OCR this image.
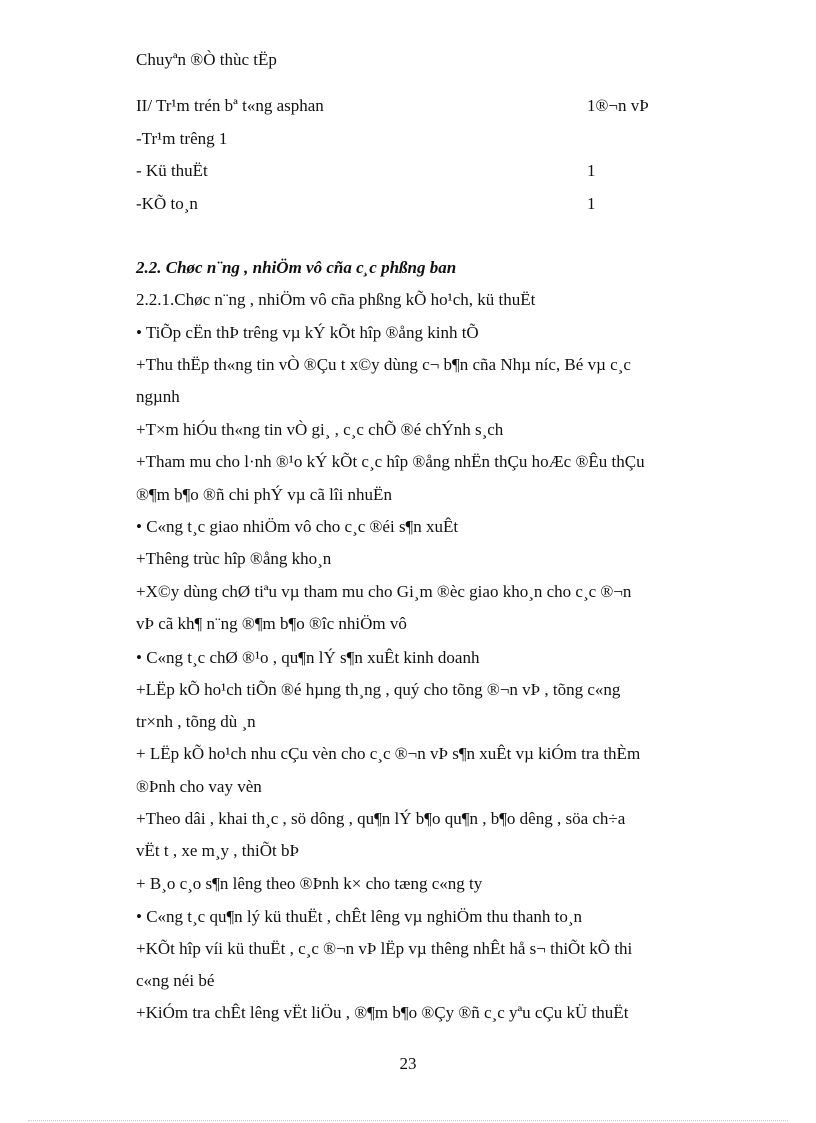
Chuyªn ®Ò thùc tËp
II/ Tr¹m trén bª t«ng asphan	1®¬n vÞ
-Tr¹m trêng 1
- Kü thuËt	1
-KÕ to¸n	1
2.2. Chøc n¨ng , nhiÖm vô cña c¸c phßng ban
2.2.1.Chøc n¨ng , nhiÖm vô cña phßng kÕ ho¹ch, kü thuËt
• TiÕp cËn thÞ trêng vµ kÝ kÕt hîp ®ång kinh tÕ
+Thu thËp th«ng tin vÒ ®Çu t x©y dùng c¬ b¶n cña Nhµ níc, Bé vµ c¸c
ngµnh
+T×m hiÓu th«ng tin vÒ gi¸ , c¸c chÕ ®é chÝnh s¸ch
+Tham mu cho l·nh ®¹o kÝ kÕt c¸c hîp ®ång nhËn thÇu hoÆc ®Êu thÇu
®¶m b¶o ®ñ chi phÝ vµ cã lîi nhuËn
• C«ng t¸c giao nhiÖm vô cho c¸c ®éi s¶n xuÊt
+Thêng trùc hîp ®ång kho¸n
+X©y dùng chØ tiªu vµ tham mu cho Gi¸m ®èc giao kho¸n cho c¸c ®¬n
vÞ cã kh¶ n¨ng ®¶m b¶o ®îc nhiÖm vô
• C«ng t¸c chØ ®¹o , qu¶n lÝ s¶n xuÊt kinh doanh
+LËp kÕ ho¹ch tiÕn ®é hµng th¸ng , quý cho tõng ®¬n vÞ , tõng c«ng
tr×nh , tõng dù ¸n
+ LËp kÕ ho¹ch nhu cÇu vèn cho c¸c ®¬n vÞ s¶n xuÊt vµ kiÓm tra thÈm
®Þnh cho vay vèn
+Theo dâi , khai th¸c , sö dông , qu¶n lÝ b¶o qu¶n , b¶o dêng , söa ch÷a
vËt t , xe m¸y , thiÕt bÞ
+ B¸o c¸o s¶n lêng theo ®Þnh k× cho tæng c«ng ty
• C«ng t¸c qu¶n lý kü thuËt , chÊt lêng vµ nghiÖm thu thanh to¸n
+KÕt hîp víi kü thuËt , c¸c ®¬n vÞ lËp vµ thêng nhÊt hå s¬ thiÕt kÕ thi
c«ng néi bé
+KiÓm tra chÊt lêng vËt liÖu , ®¶m b¶o ®Çy ®ñ c¸c yªu cÇu kÜ thuËt
23
